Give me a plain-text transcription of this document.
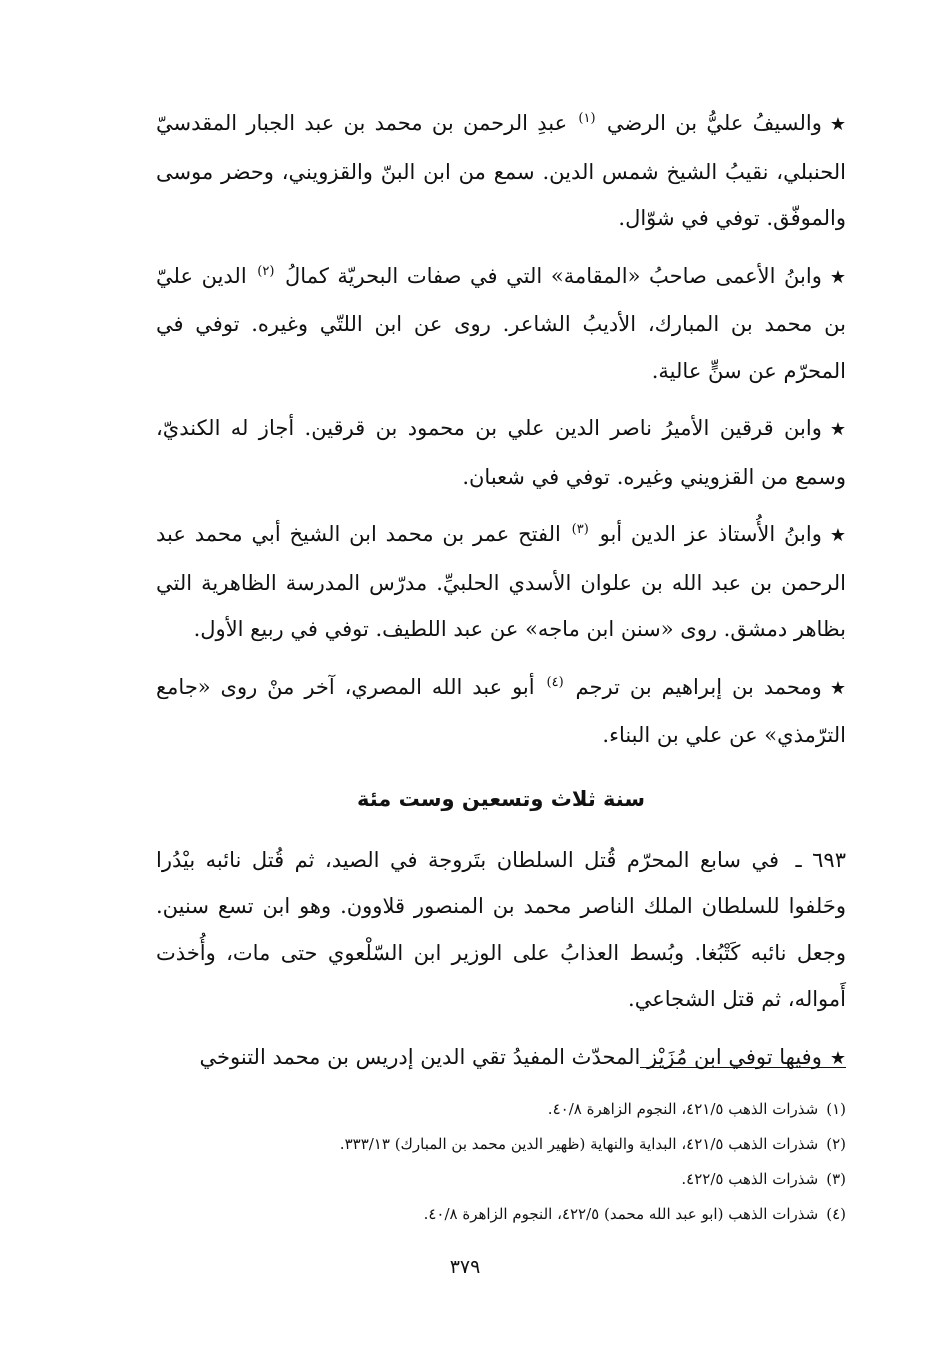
★والسيفُ عليُّ بن الرضي $^{(١)}$ عبدِ الرحمن بن محمد بن عبد الجبار المقدسيّ الحنبلي، نقيبُ الشيخ شمس الدين. سمع من ابن البنّ والقزويني، وحضر موسى والموفّق. توفي في شوّال.

★وابنُ الأعمى صاحبُ «المقامة» التي في صفات البحريّة كمالُ $^{(٢)}$ الدين عليّ بن محمد بن المبارك، الأديبُ الشاعر. روى عن ابن اللتّي وغيره. توفي في المحرّم عن سنٍّ عالية.

★وابن قرقين الأميرُ ناصر الدين علي بن محمود بن قرقين. أجاز له الكنديّ، وسمع من القزويني وغيره. توفي في شعبان.

★وابنُ الأُستاذ عز الدين أبو $^{(٣)}$ الفتح عمر بن محمد ابن الشيخ أبي محمد عبد الرحمن بن عبد الله بن علوان الأسدي الحلبيِّ. مدرّس المدرسة الظاهرية التي بظاهر دمشق. روى «سنن ابن ماجه» عن عبد اللطيف. توفي في ربيع الأول.

★ومحمد بن إبراهيم بن ترجم $^{(٤)}$ أبو عبد الله المصري، آخر منْ روى «جامع الترّمذي» عن علي بن البناء.

سنة ثلاث وتسعين وست مئة

٦٩٣ ـ في سابع المحرّم قُتل السلطان بتَروجة في الصيد، ثم قُتل نائبه بيْدُرا وحَلفوا للسلطان الملك الناصر محمد بن المنصور قلاوون. وهو ابن تسع سنين. وجعل نائبه كَتْبُغا. وبُسط العذابُ على الوزير ابن السّلْعوي حتى مات، وأُخذت أَمواله، ثم قتل الشجاعي.

★وفيها توفي ابن مُزَيْز المحدّث المفيدُ تقي الدين إدريس بن محمد التنوخي

(١)شذرات الذهب ٤٢١/٥، النجوم الزاهرة ٤٠/٨.
(٢)شذرات الذهب ٤٢١/٥، البداية والنهاية (ظهير الدين محمد بن المبارك) ٣٣٣/١٣.
(٣)شذرات الذهب ٤٢٢/٥.
(٤)شذرات الذهب (ابو عبد الله محمد) ٤٢٢/٥، النجوم الزاهرة ٤٠/٨.
٣٧٩
